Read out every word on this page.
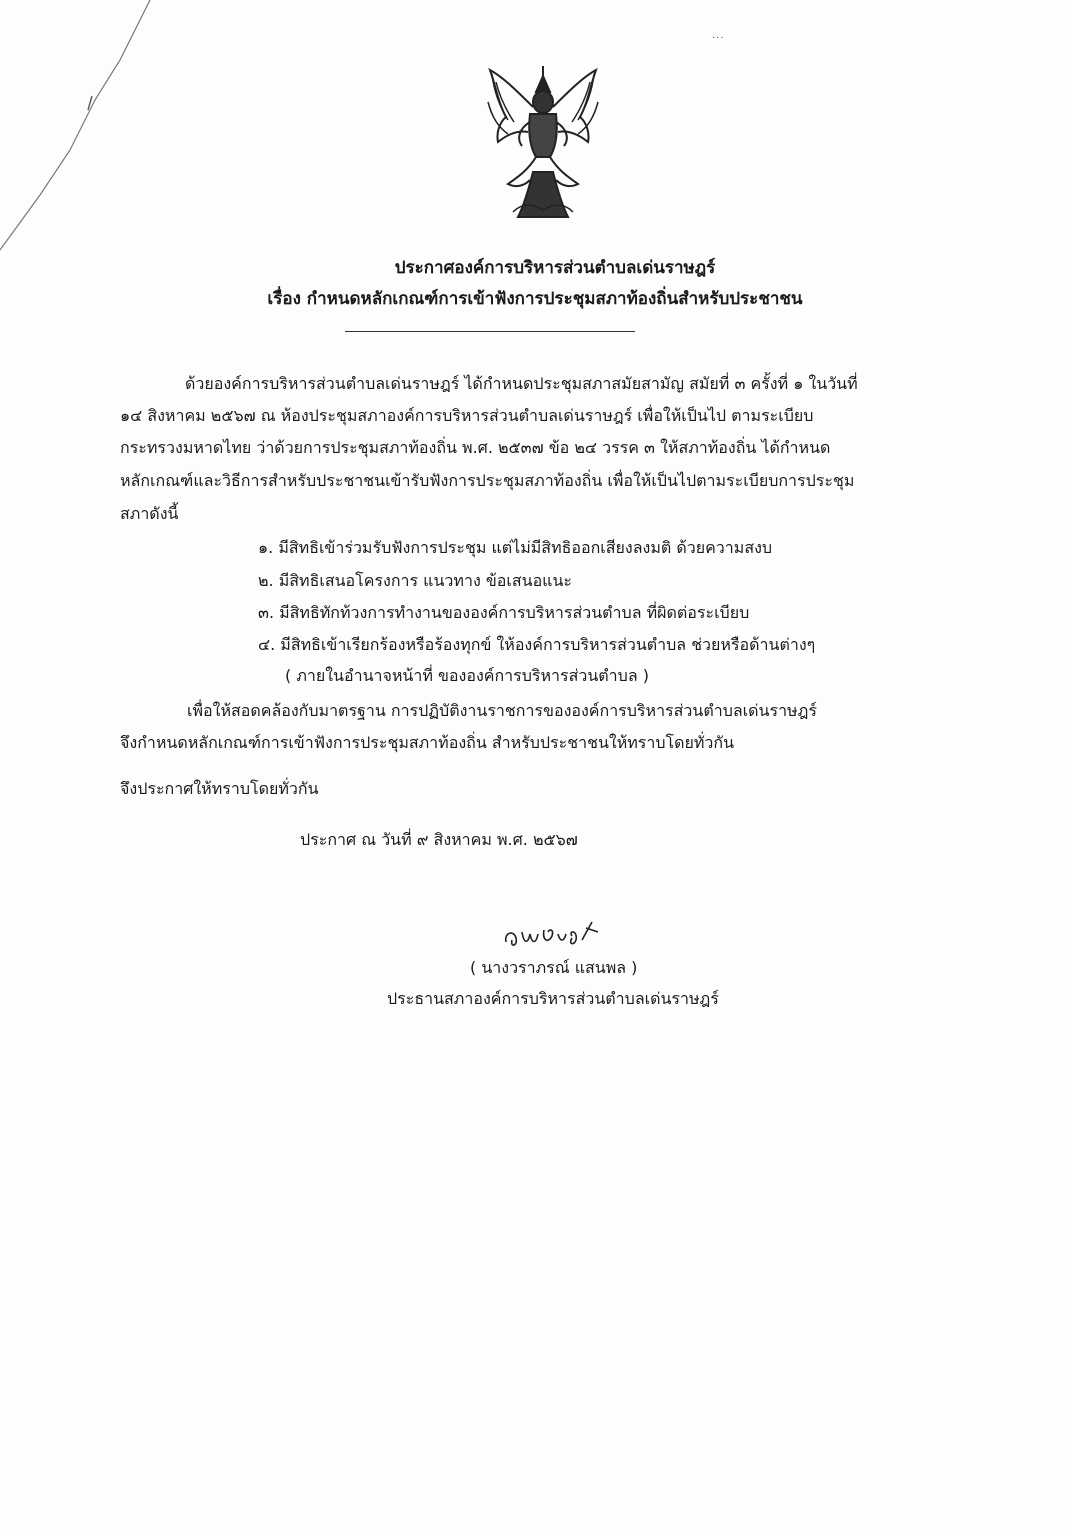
...
ประกาศองค์การบริหารส่วนตำบลเด่นราษฎร์
เรื่อง กำหนดหลักเกณฑ์การเข้าฟังการประชุมสภาท้องถิ่นสำหรับประชาชน
ด้วยองค์การบริหารส่วนตำบลเด่นราษฎร์ ได้กำหนดประชุมสภาสมัยสามัญ สมัยที่ ๓ ครั้งที่ ๑ ในวันที่
๑๔ สิงหาคม ๒๕๖๗ ณ ห้องประชุมสภาองค์การบริหารส่วนตำบลเด่นราษฎร์ เพื่อให้เป็นไป ตามระเบียบ
กระทรวงมหาดไทย ว่าด้วยการประชุมสภาท้องถิ่น พ.ศ. ๒๕๓๗ ข้อ ๒๔ วรรค ๓ ให้สภาท้องถิ่น ได้กำหนด
หลักเกณฑ์และวิธีการสำหรับประชาชนเข้ารับฟังการประชุมสภาท้องถิ่น เพื่อให้เป็นไปตามระเบียบการประชุม
สภาดังนี้
๑. มีสิทธิเข้าร่วมรับฟังการประชุม แต่ไม่มีสิทธิออกเสียงลงมติ ด้วยความสงบ
๒. มีสิทธิเสนอโครงการ แนวทาง ข้อเสนอแนะ
๓. มีสิทธิทักท้วงการทำงานขององค์การบริหารส่วนตำบล ที่ผิดต่อระเบียบ
๔. มีสิทธิเข้าเรียกร้องหรือร้องทุกข์ ให้องค์การบริหารส่วนตำบล ช่วยหรือด้านต่างๆ
( ภายในอำนาจหน้าที่ ขององค์การบริหารส่วนตำบล )
เพื่อให้สอดคล้องกับมาตรฐาน การปฏิบัติงานราชการขององค์การบริหารส่วนตำบลเด่นราษฎร์
จึงกำหนดหลักเกณฑ์การเข้าฟังการประชุมสภาท้องถิ่น สำหรับประชาชนให้ทราบโดยทั่วกัน
จึงประกาศให้ทราบโดยทั่วกัน
ประกาศ ณ วันที่ ๙ สิงหาคม พ.ศ. ๒๕๖๗
( นางวราภรณ์ แสนพล )
ประธานสภาองค์การบริหารส่วนตำบลเด่นราษฎร์
